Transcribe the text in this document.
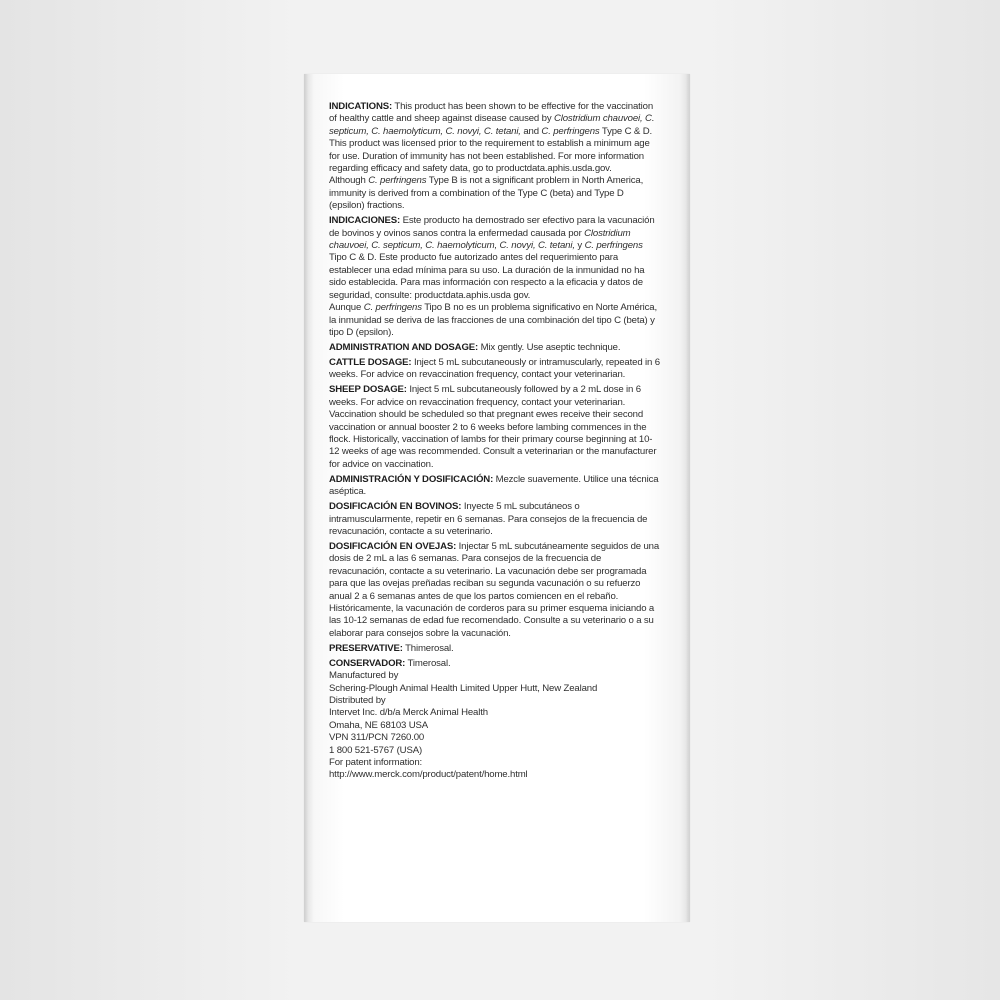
INDICATIONS: This product has been shown to be effective for the vaccination of healthy cattle and sheep against disease caused by Clostridium chauvoei, C. septicum, C. haemolyticum, C. novyi, C. tetani, and C. perfringens Type C & D. This product was licensed prior to the requirement to establish a minimum age for use. Duration of immunity has not been established. For more information regarding efficacy and safety data, go to productdata.aphis.usda.gov.
Although C. perfringens Type B is not a significant problem in North America, immunity is derived from a combination of the Type C (beta) and Type D (epsilon) fractions.

INDICACIONES: Este producto ha demostrado ser efectivo para la vacunación de bovinos y ovinos sanos contra la enfermedad causada por Clostridium chauvoei, C. septicum, C. haemolyticum, C. novyi, C. tetani, y C. perfringens Tipo C & D. Este producto fue autorizado antes del requerimiento para establecer una edad mínima para su uso. La duración de la inmunidad no ha sido establecida. Para mas información con respecto a la eficacia y datos de seguridad, consulte: productdata.aphis.usda gov.
Aunque C. perfringens Tipo B no es un problema significativo en Norte América, la inmunidad se deriva de las fracciones de una combinación del tipo C (beta) y tipo D (epsilon).

ADMINISTRATION AND DOSAGE: Mix gently. Use aseptic technique.

CATTLE DOSAGE: Inject 5 mL subcutaneously or intramuscularly, repeated in 6 weeks. For advice on revaccination frequency, contact your veterinarian.

SHEEP DOSAGE: Inject 5 mL subcutaneously followed by a 2 mL dose in 6 weeks. For advice on revaccination frequency, contact your veterinarian. Vaccination should be scheduled so that pregnant ewes receive their second vaccination or annual booster 2 to 6 weeks before lambing commences in the flock. Historically, vaccination of lambs for their primary course beginning at 10-12 weeks of age was recommended. Consult a veterinarian or the manufacturer for advice on vaccination.

ADMINISTRACIÓN Y DOSIFICACIÓN: Mezcle suavemente. Utilice una técnica aséptica.

DOSIFICACIÓN EN BOVINOS: Inyecte 5 mL subcutáneos o intramuscularmente, repetir en 6 semanas. Para consejos de la frecuencia de revacunación, contacte a su veterinario.

DOSIFICACIÓN EN OVEJAS: Injectar 5 mL subcutáneamente seguidos de una dosis de 2 mL a las 6 semanas. Para consejos de la frecuencia de revacunación, contacte a su veterinario. La vacunación debe ser programada para que las ovejas preñadas reciban su segunda vacunación o su refuerzo anual 2 a 6 semanas antes de que los partos comiencen en el rebaño. Históricamente, la vacunación de corderos para su primer esquema iniciando a las 10-12 semanas de edad fue recomendado. Consulte a su veterinario o a su elaborar para consejos sobre la vacunación.

PRESERVATIVE: Thimerosal.

CONSERVADOR: Timerosal.

Manufactured by
Schering-Plough Animal Health Limited Upper Hutt, New Zealand
Distributed by
Intervet Inc. d/b/a Merck Animal Health
Omaha, NE 68103 USA
VPN 311/PCN 7260.00
1 800 521-5767 (USA)
For patent information:
http://www.merck.com/product/patent/home.html
